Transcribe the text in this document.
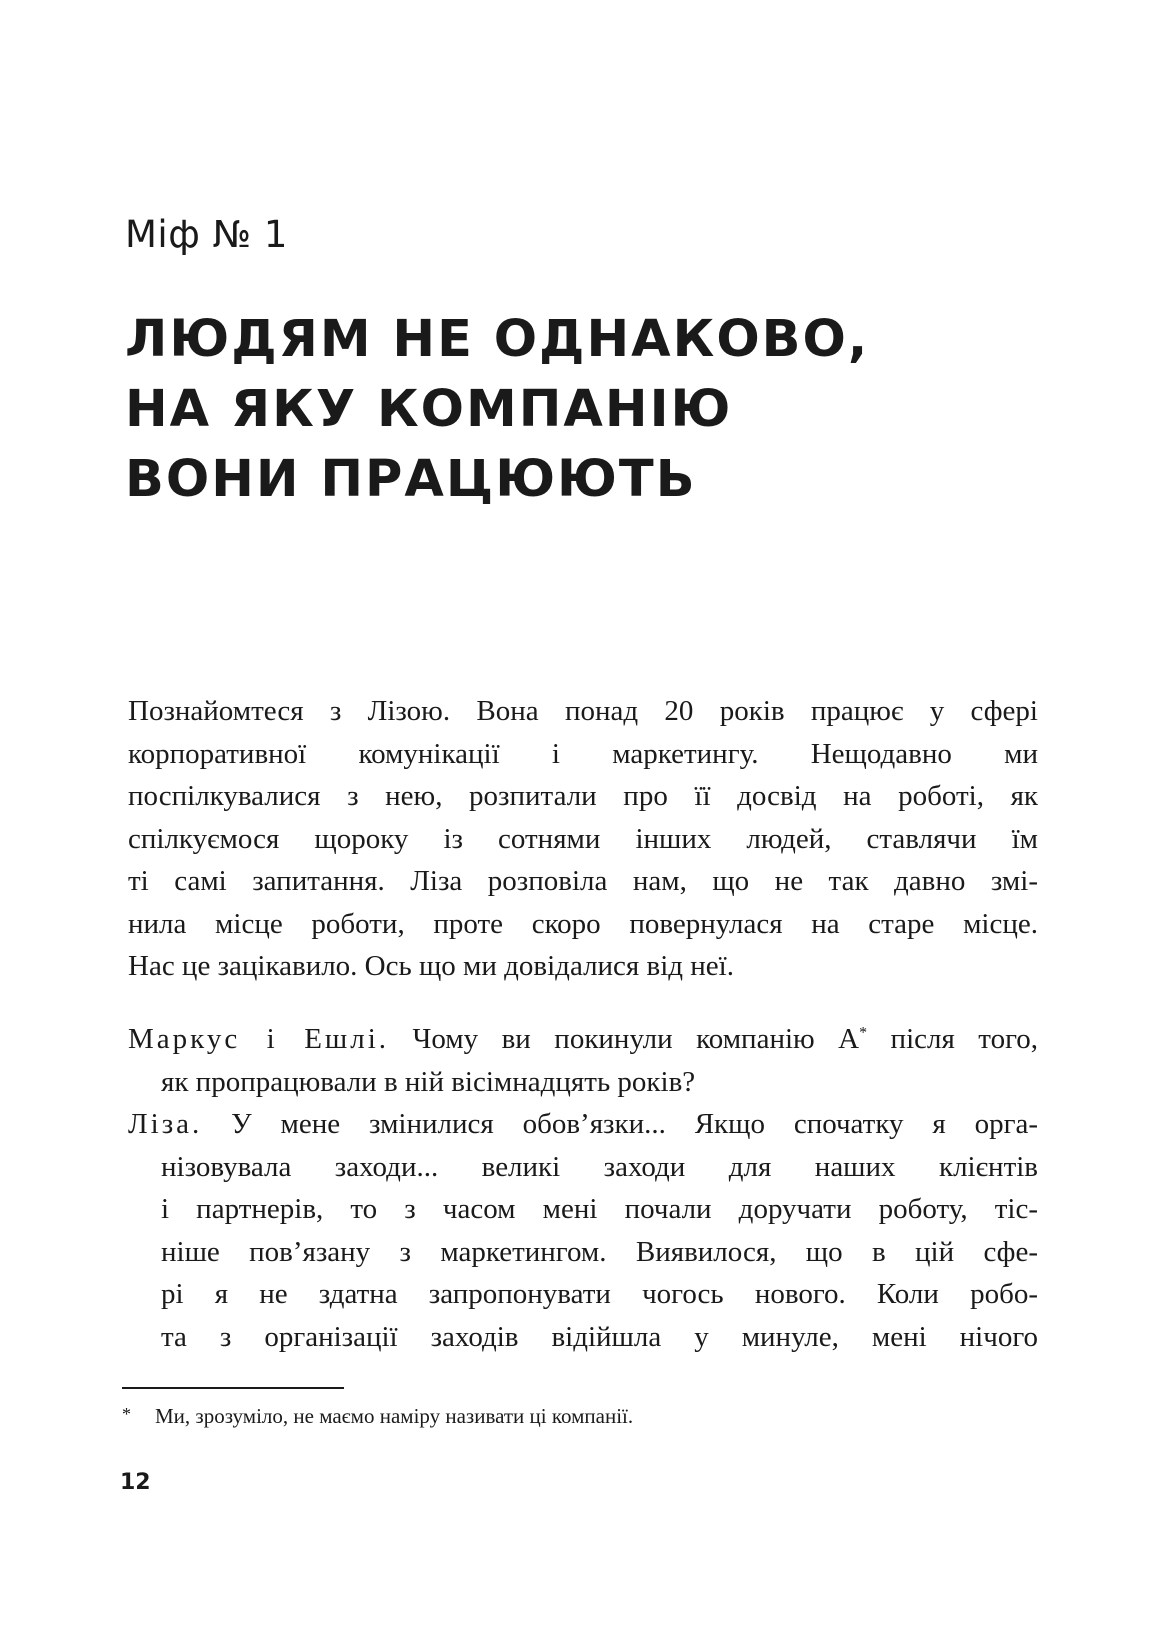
Міф № 1
ЛЮДЯМ НЕ ОДНАКОВО,
НА ЯКУ КОМПАНІЮ
ВОНИ ПРАЦЮЮТЬ

Познайомтеся з Лізою. Вона понад 20 років працює у сфері
корпоративної комунікації і маркетингу. Нещодавно ми
поспілкувалися з нею, розпитали про її досвід на роботі, як
спілкуємося щороку із сотнями інших людей, ставлячи їм
ті самі запитання. Ліза розповіла нам, що не так давно змі-
нила місце роботи, проте скоро повернулася на старе місце.
Нас це зацікавило. Ось що ми довідалися від неї.

Маркус і Ешлі. Чому ви покинули компанію А* після того,
як пропрацювали в ній вісімнадцять років?

Ліза. У мене змінилися обов’язки... Якщо спочатку я орга-
нізовувала заходи... великі заходи для наших клієнтів
і партнерів, то з часом мені почали доручати роботу, тіс-
ніше пов’язану з маркетингом. Виявилося, що в цій сфе-
рі я не здатна запропонувати чогось нового. Коли робо-
та з організації заходів відійшла у минуле, мені нічого

* Ми, зрозуміло, не маємо наміру називати ці компанії.

12
